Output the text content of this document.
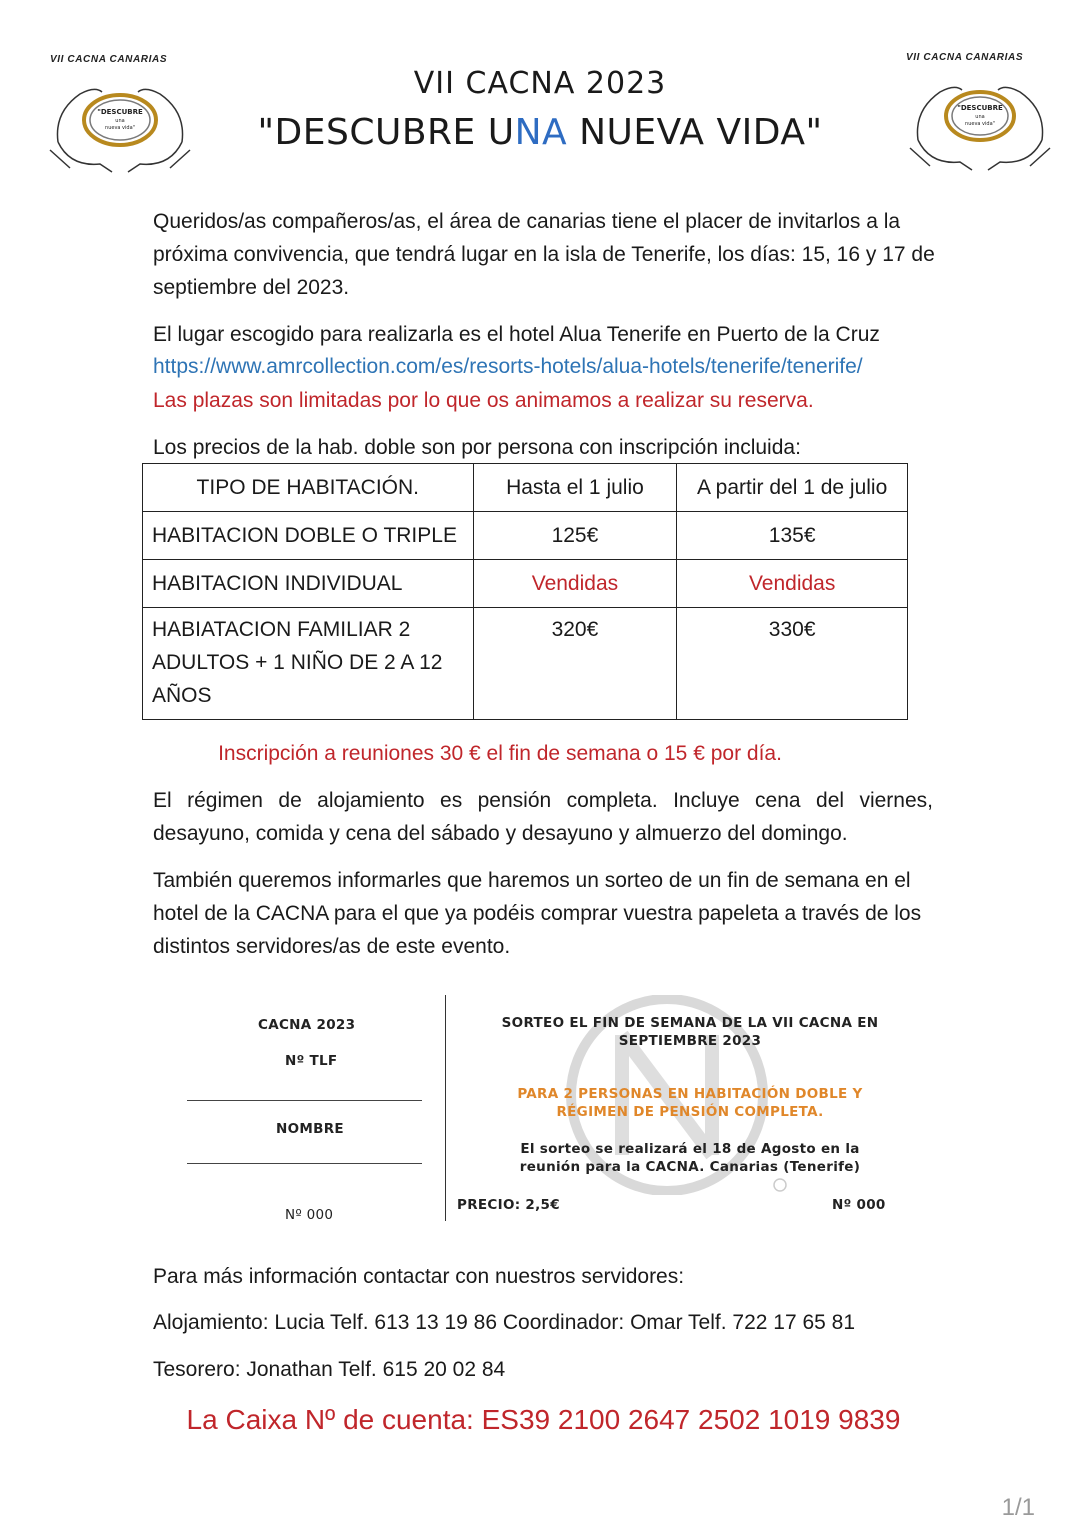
VII CACNA CANARIAS	VII CACNA CANARIAS
"DESCUBRE
una
nueva vida"
"DESCUBRE
una
nueva vida"
VII CACNA 2023
"DESCUBRE UNA NUEVA VIDA"
Queridos/as compañeros/as, el área de canarias tiene el placer de invitarlos a la próxima convivencia, que tendrá lugar en la isla de Tenerife, los días: 15, 16 y 17 de septiembre del 2023.
El lugar escogido para realizarla es el hotel Alua Tenerife en Puerto de la Cruz
https://www.amrcollection.com/es/resorts-hotels/alua-hotels/tenerife/tenerife/
Las plazas son limitadas por lo que os animamos a realizar su reserva.
Los precios de la hab. doble son por persona con inscripción incluida:
TIPO DE HABITACIÓN.	Hasta el 1 julio	A partir del 1 de julio
HABITACION DOBLE O TRIPLE	125€	135€
HABITACION INDIVIDUAL	Vendidas	Vendidas
HABIATACION FAMILIAR 2 ADULTOS + 1 NIÑO DE 2 A 12 AÑOS	320€	330€
Inscripción a reuniones 30 € el fin de semana o 15 € por día.
El régimen de alojamiento es pensión completa. Incluye cena del viernes, desayuno, comida y cena del sábado y desayuno y almuerzo del domingo.
También queremos informarles que haremos un sorteo de un fin de semana en el hotel de la CACNA para el que ya podéis comprar vuestra papeleta a través de los distintos servidores/as de este evento.
CACNA 2023
Nº TLF
NOMBRE
Nº 000
SORTEO EL FIN DE SEMANA DE LA VII CACNA EN
SEPTIEMBRE 2023
PARA 2 PERSONAS EN HABITACIÓN DOBLE Y
RÉGIMEN DE PENSIÓN COMPLETA.
El sorteo se realizará el 18 de Agosto en la
reunión para la CACNA. Canarias (Tenerife)
PRECIO: 2,5€	Nº 000
Para más información contactar con nuestros servidores:
Alojamiento: Lucia Telf. 613 13 19 86 Coordinador: Omar Telf. 722 17 65 81
Tesorero: Jonathan Telf. 615 20 02 84
La Caixa Nº de cuenta: ES39 2100 2647 2502 1019 9839
1/1
